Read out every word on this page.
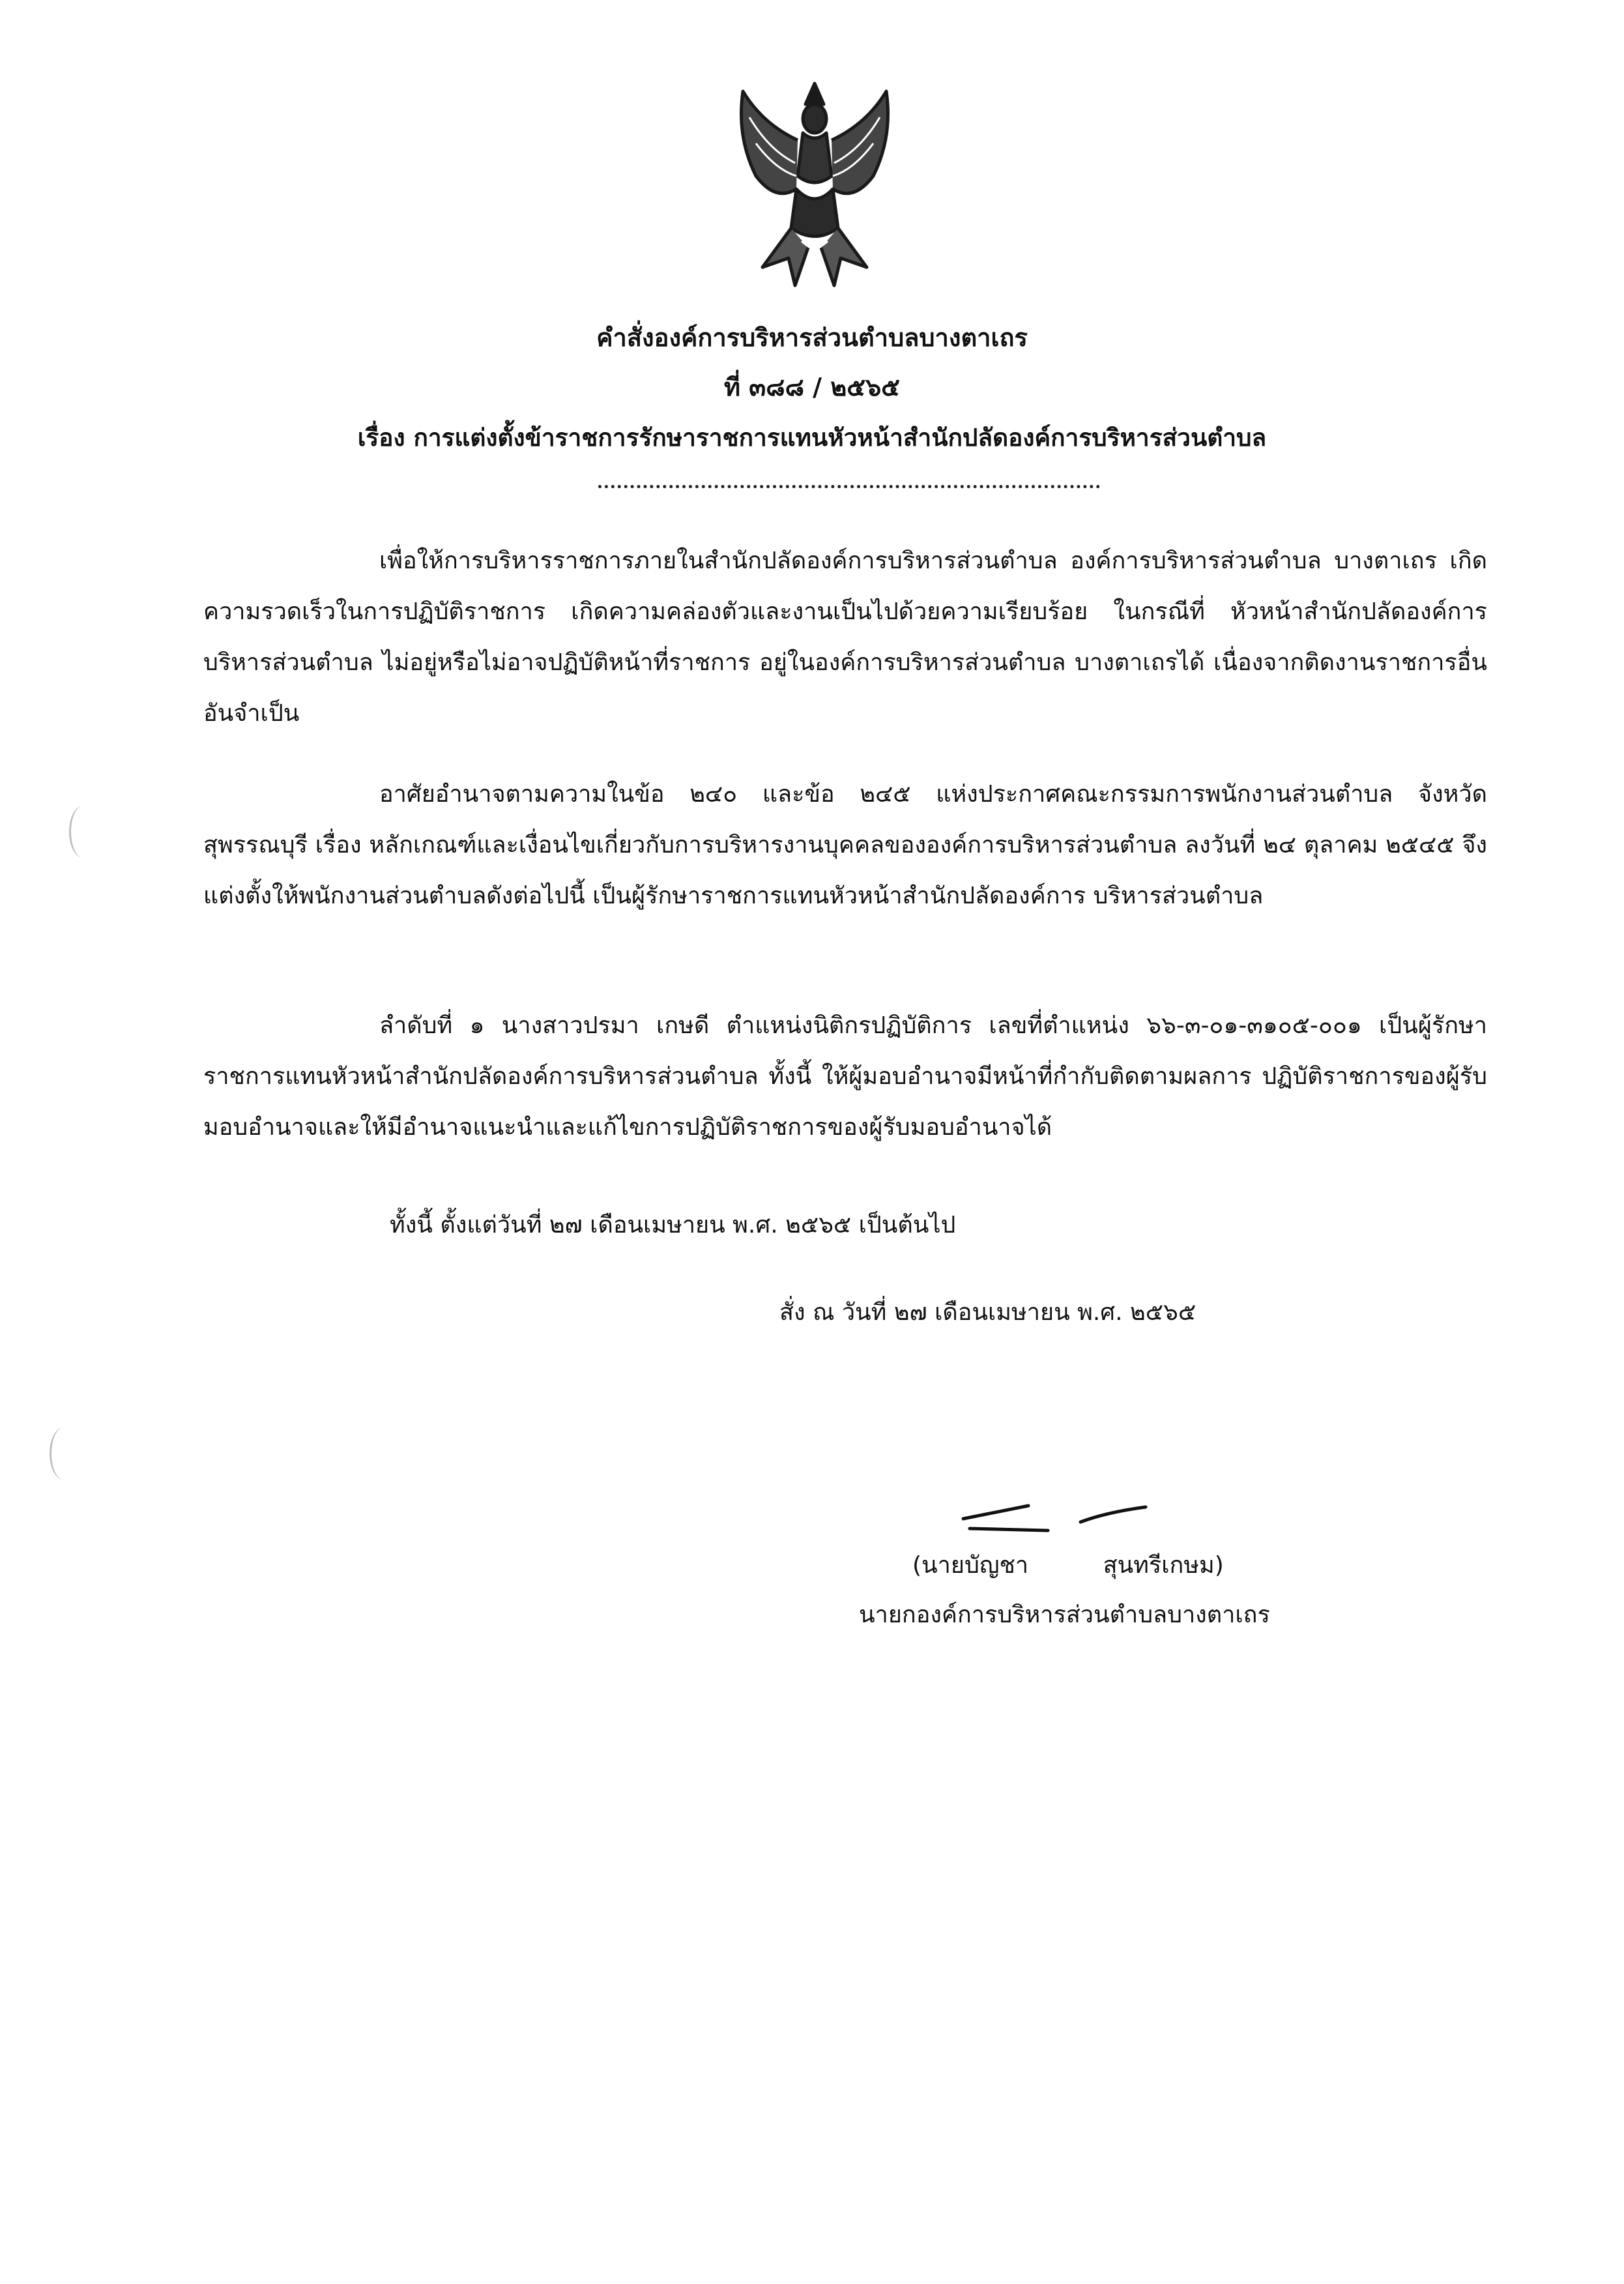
คำสั่งองค์การบริหารส่วนตำบลบางตาเถร
ที่ ๓๘๘ / ๒๕๖๕
เรื่อง การแต่งตั้งข้าราชการรักษาราชการแทนหัวหน้าสำนักปลัดองค์การบริหารส่วนตำบล

เพื่อให้การบริหารราชการภายในสำนักปลัดองค์การบริหารส่วนตำบล องค์การบริหารส่วนตำบล บางตาเถร เกิดความรวดเร็วในการปฏิบัติราชการ เกิดความคล่องตัวและงานเป็นไปด้วยความเรียบร้อย ในกรณีที่ หัวหน้าสำนักปลัดองค์การบริหารส่วนตำบล ไม่อยู่หรือไม่อาจปฏิบัติหน้าที่ราชการ อยู่ในองค์การบริหารส่วนตำบล บางตาเถรได้ เนื่องจากติดงานราชการอื่นอันจำเป็น

อาศัยอำนาจตามความในข้อ ๒๔๐ และข้อ ๒๔๕ แห่งประกาศคณะกรรมการพนักงานส่วนตำบล จังหวัดสุพรรณบุรี เรื่อง หลักเกณฑ์และเงื่อนไขเกี่ยวกับการบริหารงานบุคคลขององค์การบริหารส่วนตำบล ลงวันที่ ๒๔ ตุลาคม ๒๕๔๕ จึงแต่งตั้งให้พนักงานส่วนตำบลดังต่อไปนี้ เป็นผู้รักษาราชการแทนหัวหน้าสำนักปลัดองค์การ บริหารส่วนตำบล

ลำดับที่ ๑ นางสาวปรมา เกษดี ตำแหน่งนิติกรปฏิบัติการ เลขที่ตำแหน่ง ๖๖-๓-๐๑-๓๑๐๕-๐๐๑ เป็นผู้รักษาราชการแทนหัวหน้าสำนักปลัดองค์การบริหารส่วนตำบล ทั้งนี้ ให้ผู้มอบอำนาจมีหน้าที่กำกับติดตามผลการ ปฏิบัติราชการของผู้รับมอบอำนาจและให้มีอำนาจแนะนำและแก้ไขการปฏิบัติราชการของผู้รับมอบอำนาจได้

ทั้งนี้ ตั้งแต่วันที่ ๒๗ เดือนเมษายน พ.ศ. ๒๕๖๕ เป็นต้นไป
สั่ง ณ วันที่ ๒๗ เดือนเมษายน พ.ศ. ๒๕๖๕
(นายบัญชา          สุนทรีเกษม)
นายกองค์การบริหารส่วนตำบลบางตาเถร
